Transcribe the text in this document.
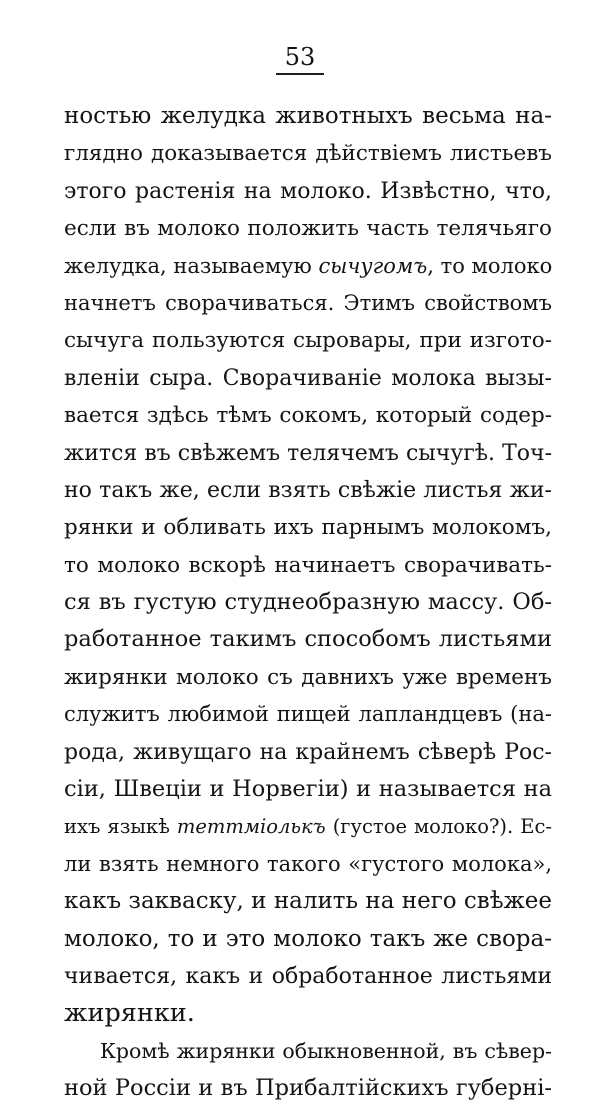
53
ностью желудка животныхъ весьма на-
глядно доказывается дѣйствіемъ листьевъ
этого растенія на молоко. Извѣстно, что,
если въ молоко положить часть телячьяго
желудка, называемую сычугомъ, то молоко
начнетъ сворачиваться. Этимъ свойствомъ
сычуга пользуются сыровары, при изгото-
вленіи сыра. Сворачиваніе молока вызы-
вается здѣсь тѣмъ сокомъ, который содер-
жится въ свѣжемъ телячемъ сычугѣ. Точ-
но такъ же, если взять свѣжіе листья жи-
рянки и обливать ихъ парнымъ молокомъ,
то молоко вскорѣ начинаетъ сворачивать-
ся въ густую студнеобразную массу. Об-
работанное такимъ способомъ листьями
жирянки молоко съ давнихъ уже временъ
служитъ любимой пищей лапландцевъ (на-
рода, живущаго на крайнемъ сѣверѣ Рос-
сіи, Швеціи и Норвегіи) и называется на
ихъ языкѣ теттміолькъ (густое молоко?). Ес-
ли взять немного такого «густого молока»,
какъ закваску, и налить на него свѣжее
молоко, то и это молоко такъ же свора-
чивается, какъ и обработанное листьями
жирянки.
Кромѣ жирянки обыкновенной, въ сѣвер-
ной Россіи и въ Прибалтійскихъ губерні-
